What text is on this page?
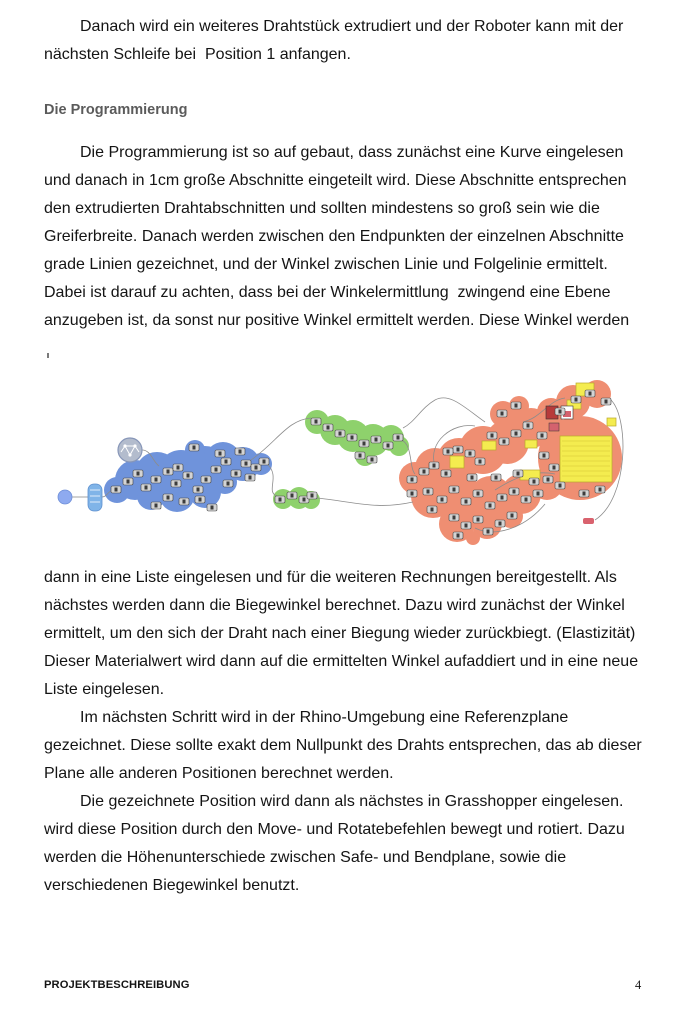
Danach wird ein weiteres Drahtstück extrudiert und der Roboter kann mit der
nächsten Schleife bei  Position 1 anfangen.
Die Programmierung
Die Programmierung ist so auf gebaut, dass zunächst eine Kurve eingelesen
und danach in 1cm große Abschnitte eingeteilt wird. Diese Abschnitte entsprechen
den extrudierten Drahtabschnitten und sollten mindestens so groß sein wie die
Greiferbreite. Danach werden zwischen den Endpunkten der einzelnen Abschnitte
grade Linien gezeichnet, und der Winkel zwischen Linie und Folgelinie ermittelt.
Dabei ist darauf zu achten, dass bei der Winkelermittlung  zwingend eine Ebene
anzugeben ist, da sonst nur positive Winkel ermittelt werden. Diese Winkel werden
dann in eine Liste eingelesen und für die weiteren Rechnungen bereitgestellt. Als
nächstes werden dann die Biegewinkel berechnet. Dazu wird zunächst der Winkel
ermittelt, um den sich der Draht nach einer Biegung wieder zurückbiegt. (Elastizität)
Dieser Materialwert wird dann auf die ermittelten Winkel aufaddiert und in eine neue
Liste eingelesen.
Im nächsten Schritt wird in der Rhino-Umgebung eine Referenzplane
gezeichnet. Diese sollte exakt dem Nullpunkt des Drahts entsprechen, das ab dieser
Plane alle anderen Positionen berechnet werden.
Die gezeichnete Position wird dann als nächstes in Grasshopper eingelesen.
wird diese Position durch den Move- und Rotatebefehlen bewegt und rotiert. Dazu
werden die Höhenunterschiede zwischen Safe- und Bendplane, sowie die
verschiedenen Biegewinkel benutzt.
PROJEKTBESCHREIBUNG	4
